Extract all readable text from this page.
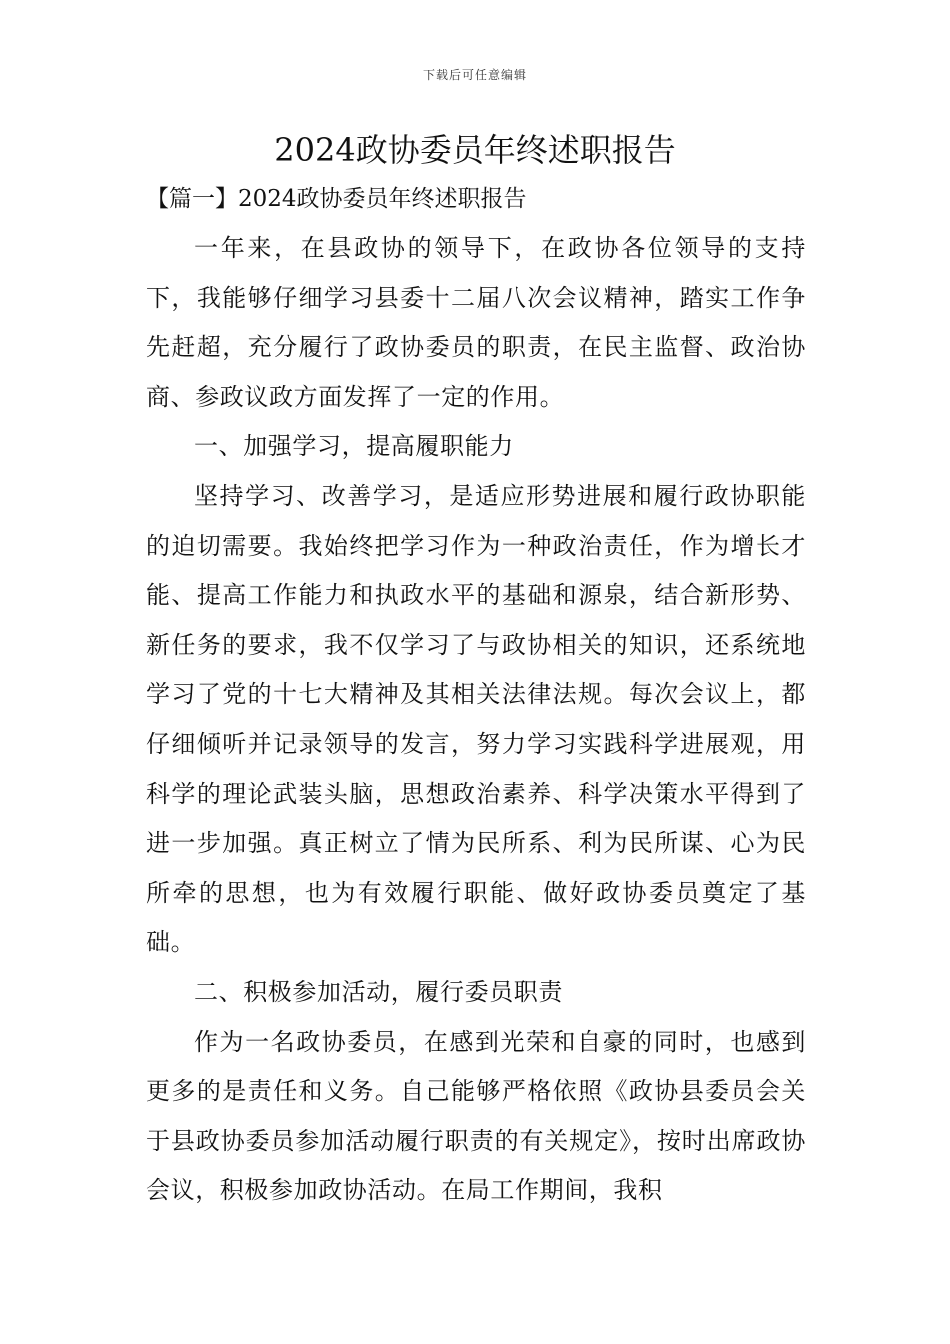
下载后可任意编辑
2024政协委员年终述职报告
【篇一】2024政协委员年终述职报告

一年来，在县政协的领导下，在政协各位领导的支持下，我能够仔细学习县委十二届八次会议精神，踏实工作争先赶超，充分履行了政协委员的职责，在民主监督、政治协商、参政议政方面发挥了一定的作用。

一、加强学习，提高履职能力

坚持学习、改善学习，是适应形势进展和履行政协职能的迫切需要。我始终把学习作为一种政治责任，作为增长才能、提高工作能力和执政水平的基础和源泉，结合新形势、新任务的要求，我不仅学习了与政协相关的知识，还系统地学习了党的十七大精神及其相关法律法规。每次会议上，都仔细倾听并记录领导的发言，努力学习实践科学进展观，用科学的理论武装头脑，思想政治素养、科学决策水平得到了进一步加强。真正树立了情为民所系、利为民所谋、心为民所牵的思想，也为有效履行职能、做好政协委员奠定了基础。

二、积极参加活动，履行委员职责

作为一名政协委员，在感到光荣和自豪的同时，也感到更多的是责任和义务。自己能够严格依照《政协县委员会关于县政协委员参加活动履行职责的有关规定》，按时出席政协会议，积极参加政协活动。在局工作期间，我积
